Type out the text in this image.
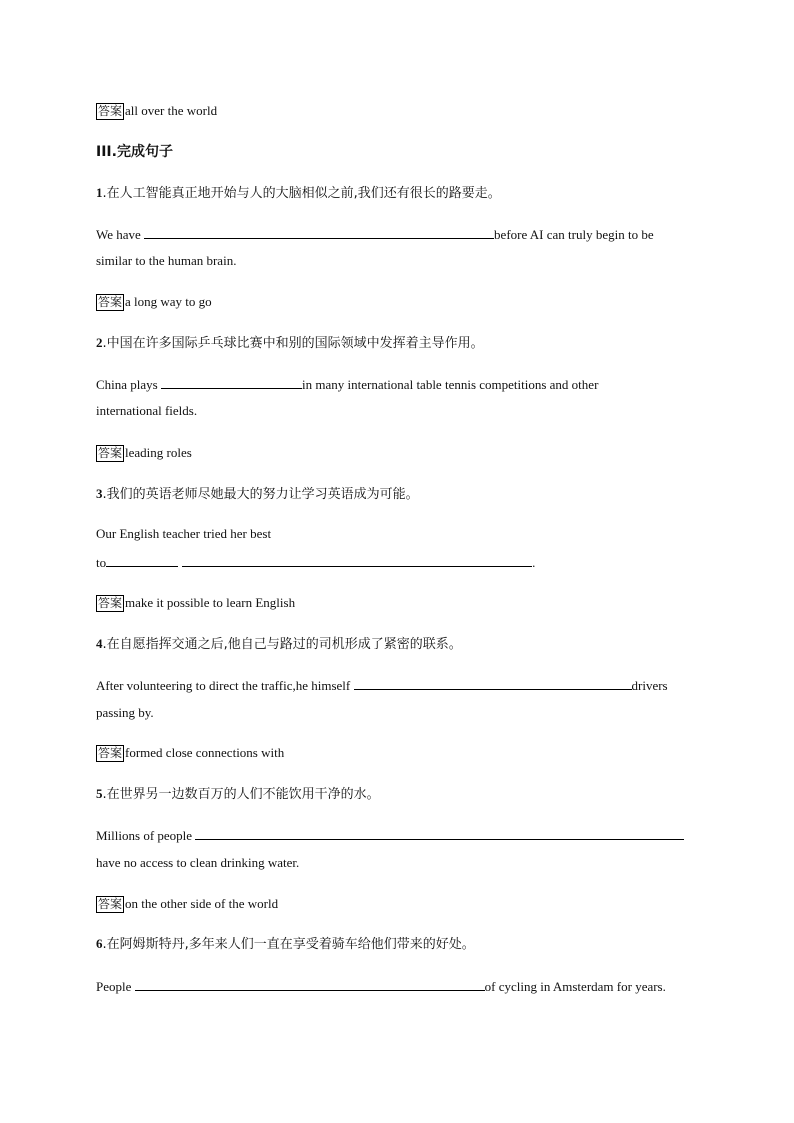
答案 all over the world
III.完成句子
1.在人工智能真正地开始与人的大脑相似之前,我们还有很长的路要走。
We have	before AI can truly begin to be
similar to the human brain.
答案 a long way to go
2.中国在许多国际乒乓球比赛中和别的国际领域中发挥着主导作用。
China plays	in many international table tennis competitions and other
international fields.
答案 leading roles
3.我们的英语老师尽她最大的努力让学习英语成为可能。
Our English teacher tried her best
to	.
答案 make it possible to learn English
4.在自愿指挥交通之后,他自己与路过的司机形成了紧密的联系。
After volunteering to direct the traffic,he himself	drivers
passing by.
答案 formed close connections with
5.在世界另一边数百万的人们不能饮用干净的水。
Millions of people
have no access to clean drinking water.
答案 on the other side of the world
6.在阿姆斯特丹,多年来人们一直在享受着骑车给他们带来的好处。
People	of cycling in Amsterdam for years.
